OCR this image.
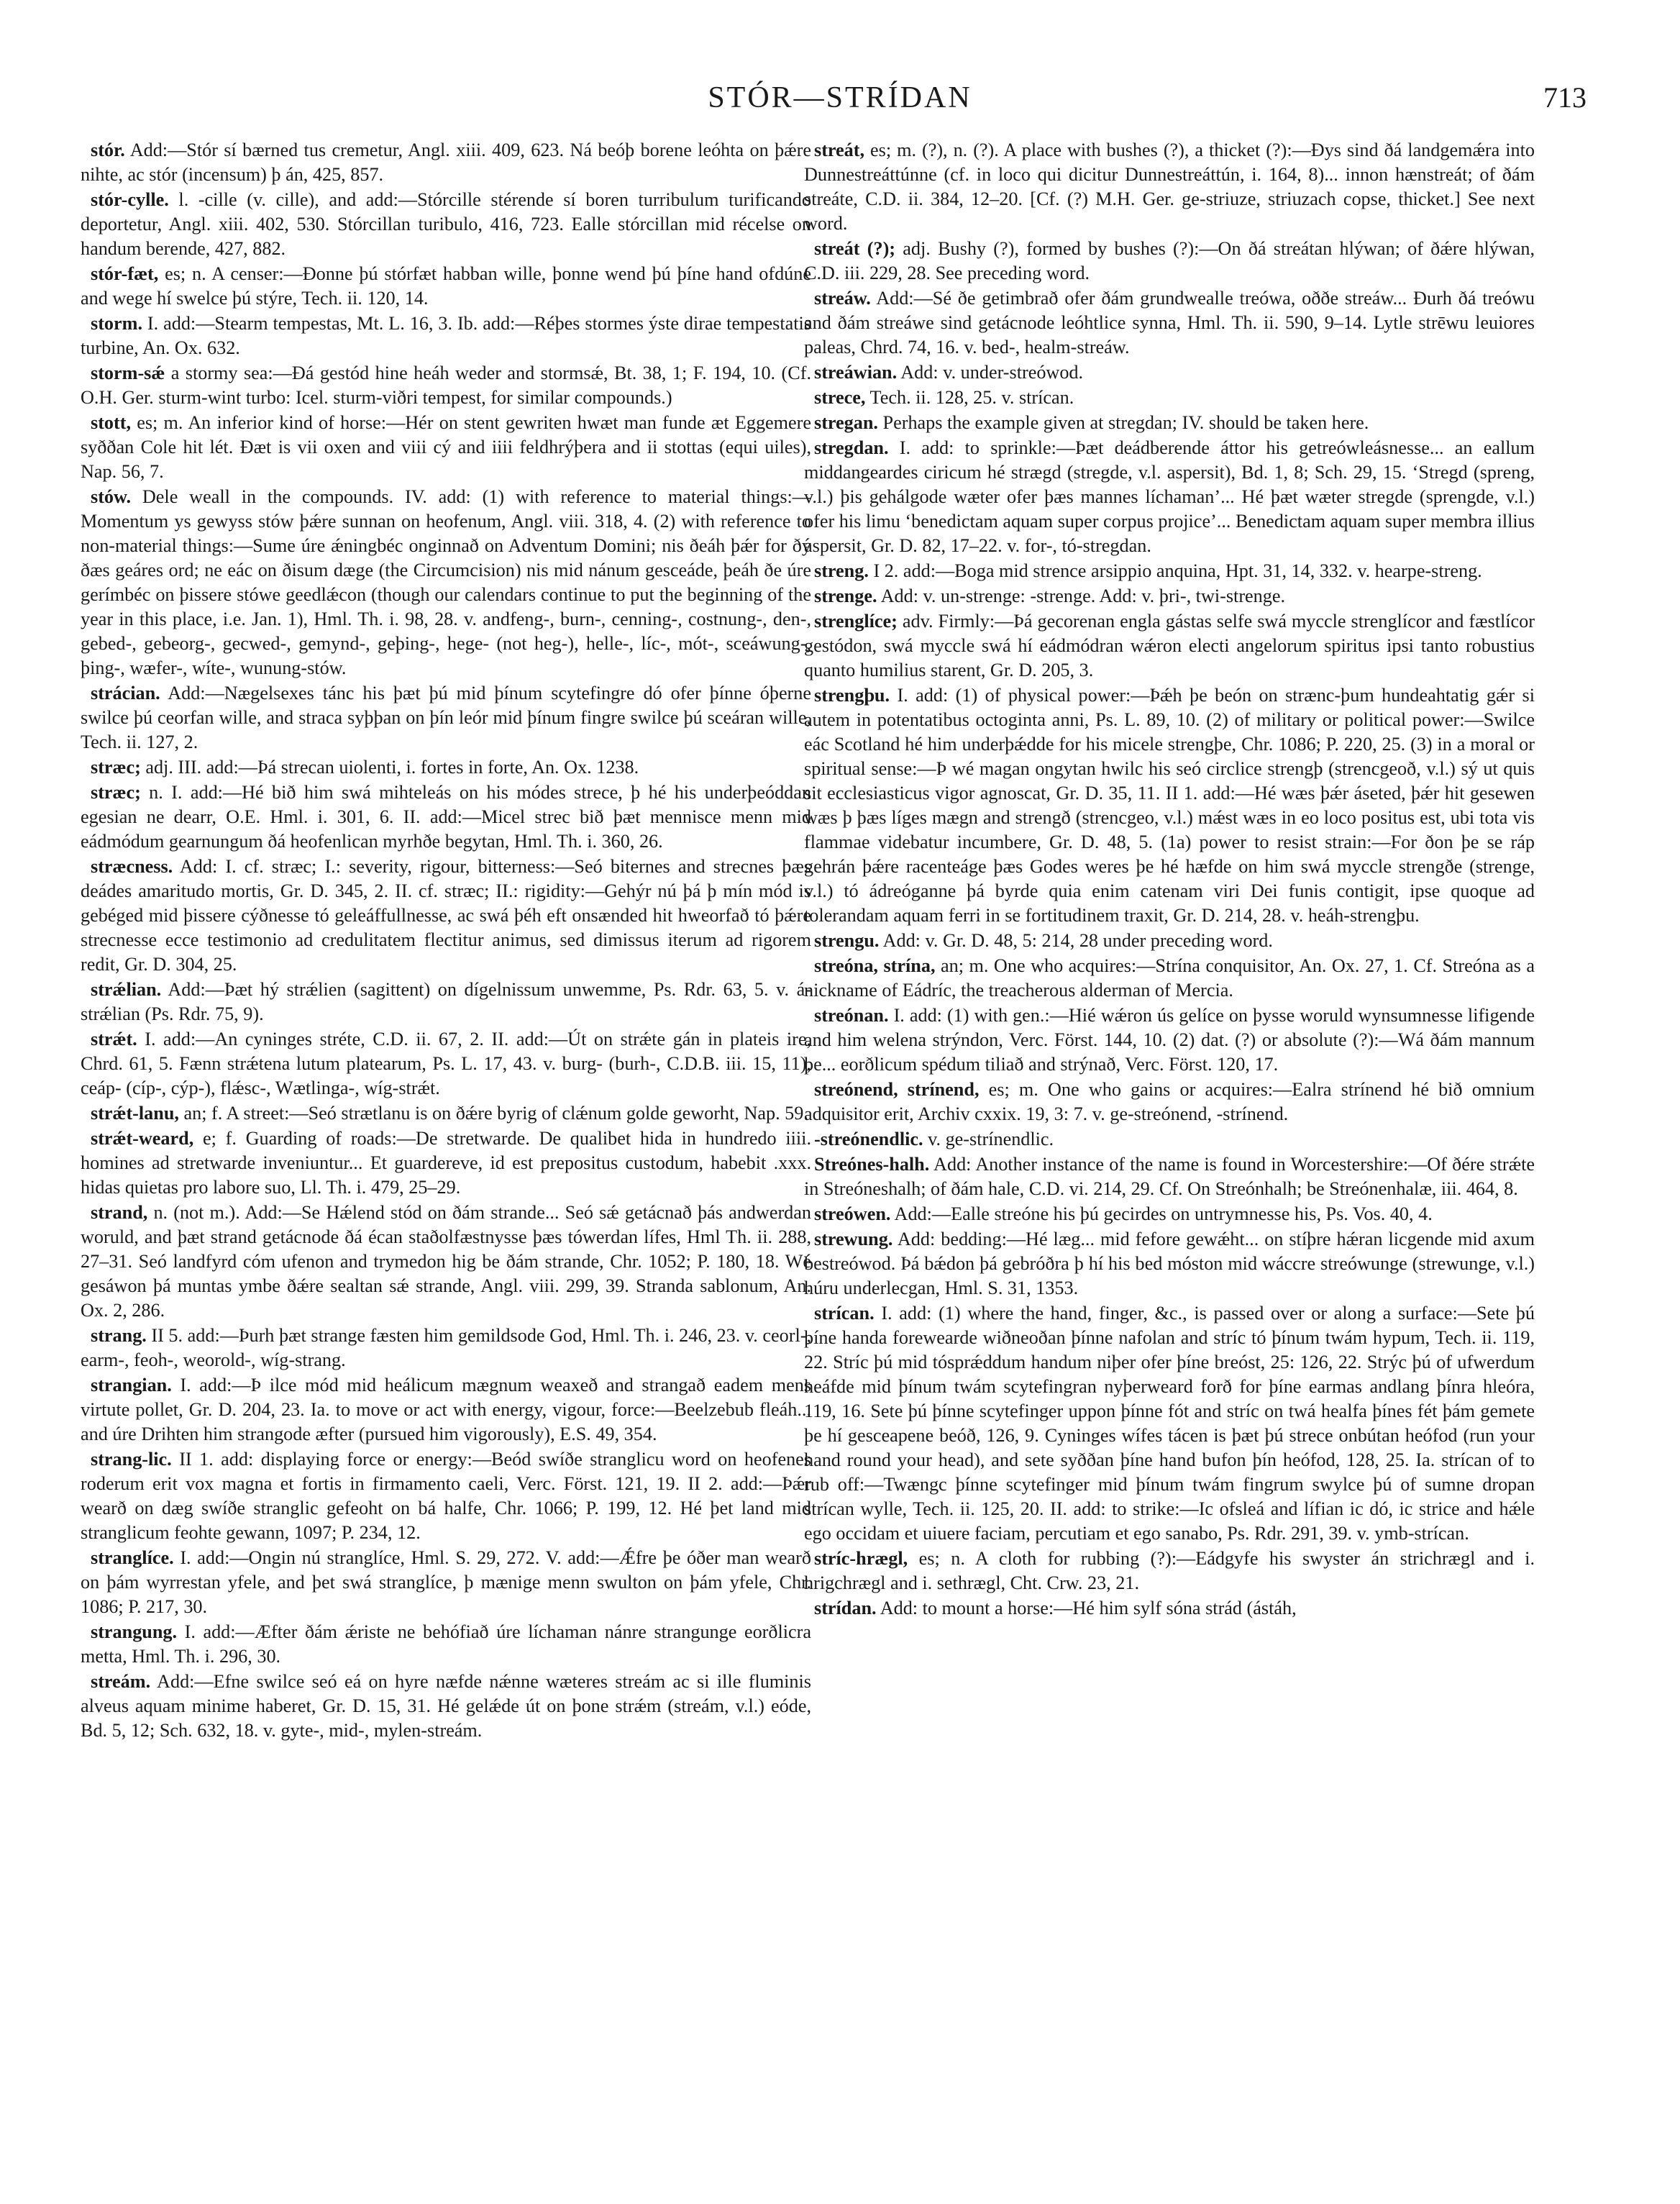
STÓR—STRÍDAN	713

stór. Add:—Stór sí bærned tus cremetur, Angl. xiii. 409, 623. Ná beóþ borene leóhta on þǽre nihte, ac stór (incensum) þ án, 425, 857.

stór-cylle. l. -cille (v. cille), and add:—Stórcille stérende sí boren turribulum turificando deportetur, Angl. xiii. 402, 530. Stórcillan turibulo, 416, 723. Ealle stórcillan mid récelse on handum berende, 427, 882.

stór-fæt, es; n. A censer:—Đonne þú stórfæt habban wille, þonne wend þú þíne hand ofdúne and wege hí swelce þú stýre, Tech. ii. 120, 14.

storm. I. add:—Stearm tempestas, Mt. L. 16, 3. Ib. add:—Réþes stormes ýste dirae tempestatis turbine, An. Ox. 632.

storm-sǽ a stormy sea:—Đá gestód hine heáh weder and stormsǽ, Bt. 38, 1; F. 194, 10. (Cf. O.H. Ger. sturm-wint turbo: Icel. sturm-viðri tempest, for similar compounds.)

stott, es; m. An inferior kind of horse:—Hér on stent gewriten hwæt man funde æt Eggemere syððan Cole hit lét. Đæt is vii oxen and viii cý and iiii feldhrýþera and ii stottas (equi uiles), Nap. 56, 7.

stów. Dele weall in the compounds. IV. add: (1) with reference to material things:—Momentum ys gewyss stów þǽre sunnan on heofenum, Angl. viii. 318, 4. (2) with reference to non-material things:—Sume úre ǽningbéc onginnað on Adventum Domini; nis ðeáh þǽr for ðý ðæs geáres ord; ne eác on ðisum dæge (the Circumcision) nis mid nánum gesceáde, þeáh ðe úre gerímbéc on þissere stówe geedlǽcon (though our calendars continue to put the beginning of the year in this place, i.e. Jan. 1), Hml. Th. i. 98, 28. v. andfeng-, burn-, cenning-, costnung-, den-, gebed-, gebeorg-, gecwed-, gemynd-, geþing-, hege- (not heg-), helle-, líc-, mót-, sceáwung-, þing-, wæfer-, wíte-, wunung-stów.

strácian. Add:—Nægelsexes tánc his þæt þú mid þínum scytefingre dó ofer þínne óþerne swilce þú ceorfan wille, and straca syþþan on þín leór mid þínum fingre swilce þú sceáran wille, Tech. ii. 127, 2.

stræc; adj. III. add:—Þá strecan uiolenti, i. fortes in forte, An. Ox. 1238.

stræc; n. I. add:—Hé bið him swá mihteleás on his módes strece, þ hé his underþeóddan egesian ne dearr, O.E. Hml. i. 301, 6. II. add:—Micel strec bið þæt mennisce menn mid eádmódum gearnungum ðá heofenlican myrhðe begytan, Hml. Th. i. 360, 26.

stræcness. Add: I. cf. stræc; I.: severity, rigour, bitterness:—Seó biternes and strecnes þæs deádes amaritudo mortis, Gr. D. 345, 2. II. cf. stræc; II.: rigidity:—Gehýr nú þá þ mín mód is gebéged mid þissere cýðnesse tó geleáffullnesse, ac swá þéh eft onsænded hit hweorfað tó þǽre strecnesse ecce testimonio ad credulitatem flectitur animus, sed dimissus iterum ad rigorem redit, Gr. D. 304, 25.

strǽlian. Add:—Þæt hý strǽlien (sagittent) on dígelnissum unwemme, Ps. Rdr. 63, 5. v. á-strǽlian (Ps. Rdr. 75, 9).

strǽt. I. add:—An cyninges stréte, C.D. ii. 67, 2. II. add:—Út on strǽte gán in plateis ire, Chrd. 61, 5. Fænn strǽtena lutum platearum, Ps. L. 17, 43. v. burg- (burh-, C.D.B. iii. 15, 11), ceáp- (cíp-, cýp-), flǽsc-, Wætlinga-, wíg-strǽt.

strǽt-lanu, an; f. A street:—Seó strætlanu is on ðǽre byrig of clǽnum golde geworht, Nap. 59.

strǽt-weard, e; f. Guarding of roads:—De stretwarde. De qualibet hida in hundredo iiii. homines ad stretwarde inveniuntur... Et guardereve, id est prepositus custodum, habebit .xxx. hidas quietas pro labore suo, Ll. Th. i. 479, 25–29.

strand, n. (not m.). Add:—Se Hǽlend stód on ðám strande... Seó sǽ getácnað þás andwerdan woruld, and þæt strand getácnode ðá écan staðolfæstnysse þæs tówerdan lífes, Hml Th. ii. 288, 27–31. Seó landfyrd cóm ufenon and trymedon hig be ðám strande, Chr. 1052; P. 180, 18. Wé gesáwon þá muntas ymbe ðǽre sealtan sǽ strande, Angl. viii. 299, 39. Stranda sablonum, An. Ox. 2, 286.

strang. II 5. add:—Þurh þæt strange fæsten him gemildsode God, Hml. Th. i. 246, 23. v. ceorl-, earm-, feoh-, weorold-, wíg-strang.

strangian. I. add:—Þ ilce mód mid heálicum mægnum weaxeð and strangað eadem mens virtute pollet, Gr. D. 204, 23. Ia. to move or act with energy, vigour, force:—Beelzebub fleáh... and úre Drihten him strangode æfter (pursued him vigorously), E.S. 49, 354.

strang-lic. II 1. add: displaying force or energy:—Beód swíðe stranglicu word on heofenes roderum erit vox magna et fortis in firmamento caeli, Verc. Först. 121, 19. II 2. add:—Þǽr wearð on dæg swíðe stranglic gefeoht on bá halfe, Chr. 1066; P. 199, 12. Hé þet land mid stranglicum feohte gewann, 1097; P. 234, 12.

stranglíce. I. add:—Ongin nú stranglíce, Hml. S. 29, 272. V. add:—Ǽfre þe óðer man wearð on þám wyrrestan yfele, and þet swá stranglíce, þ mænige menn swulton on þám yfele, Chr. 1086; P. 217, 30.

strangung. I. add:—Æfter ðám ǽriste ne behófiað úre líchaman nánre strangunge eorðlicra metta, Hml. Th. i. 296, 30.

streám. Add:—Efne swilce seó eá on hyre næfde nǽnne wæteres streám ac si ille fluminis alveus aquam minime haberet, Gr. D. 15, 31. Hé gelǽde út on þone strǽm (streám, v.l.) eóde, Bd. 5, 12; Sch. 632, 18. v. gyte-, mid-, mylen-streám.

streát, es; m. (?), n. (?). A place with bushes (?), a thicket (?):—Đys sind ðá landgemǽra into Dunnestreáttúnne (cf. in loco qui dicitur Dunnestreáttún, i. 164, 8)... innon hænstreát; of ðám streáte, C.D. ii. 384, 12–20. [Cf. (?) M.H. Ger. ge-striuze, striuzach copse, thicket.] See next word.

streát (?); adj. Bushy (?), formed by bushes (?):—On ðá streátan hlýwan; of ðǽre hlýwan, C.D. iii. 229, 28. See preceding word.

streáw. Add:—Sé ðe getimbrað ofer ðám grundwealle treówa, oððe streáw... Đurh ðá treówu and ðám streáwe sind getácnode leóhtlice synna, Hml. Th. ii. 590, 9–14. Lytle strēwu leuiores paleas, Chrd. 74, 16. v. bed-, healm-streáw.

streáwian. Add: v. under-streówod.

strece, Tech. ii. 128, 25. v. strícan.

stregan. Perhaps the example given at stregdan; IV. should be taken here.

stregdan. I. add: to sprinkle:—Þæt deádberende áttor his getreówleásnesse... an eallum middangeardes ciricum hé strægd (stregde, v.l. aspersit), Bd. 1, 8; Sch. 29, 15. ‘Stregd (spreng, v.l.) þis gehálgode wæter ofer þæs mannes líchaman’... Hé þæt wæter stregde (sprengde, v.l.) ofer his limu ‘benedictam aquam super corpus projice’... Benedictam aquam super membra illius aspersit, Gr. D. 82, 17–22. v. for-, tó-stregdan.

streng. I 2. add:—Boga mid strence arsippio anquina, Hpt. 31, 14, 332. v. hearpe-streng.

strenge. Add: v. un-strenge: -strenge. Add: v. þri-, twi-strenge.

strenglíce; adv. Firmly:—Þá gecorenan engla gástas selfe swá myccle strenglícor and fæstlícor gestódon, swá myccle swá hí eádmódran wǽron electi angelorum spiritus ipsi tanto robustius quanto humilius starent, Gr. D. 205, 3.

strengþu. I. add: (1) of physical power:—Þǽh þe beón on strænc-þum hundeahtatig gǽr si autem in potentatibus octoginta anni, Ps. L. 89, 10. (2) of military or political power:—Swilce eác Scotland hé him underþǽdde for his micele strengþe, Chr. 1086; P. 220, 25. (3) in a moral or spiritual sense:—Þ wé magan ongytan hwilc his seó circlice strengþ (strencgeoð, v.l.) sý ut quis sit ecclesiasticus vigor agnoscat, Gr. D. 35, 11. II 1. add:—Hé wæs þǽr áseted, þǽr hit gesewen wæs þ þæs líges mægn and strengð (strencgeo, v.l.) mǽst wæs in eo loco positus est, ubi tota vis flammae videbatur incumbere, Gr. D. 48, 5. (1a) power to resist strain:—For ðon þe se ráp gehrán þǽre racenteáge þæs Godes weres þe hé hæfde on him swá myccle strengðe (strenge, v.l.) tó ádreóganne þá byrde quia enim catenam viri Dei funis contigit, ipse quoque ad tolerandam aquam ferri in se fortitudinem traxit, Gr. D. 214, 28. v. heáh-strengþu.

strengu. Add: v. Gr. D. 48, 5: 214, 28 under preceding word.

streóna, strína, an; m. One who acquires:—Strína conquisitor, An. Ox. 27, 1. Cf. Streóna as a nickname of Eádríc, the treacherous alderman of Mercia.

streónan. I. add: (1) with gen.:—Hié wǽron ús gelíce on þysse woruld wynsumnesse lifigende and him welena strýndon, Verc. Först. 144, 10. (2) dat. (?) or absolute (?):—Wá ðám mannum þe... eorðlicum spédum tiliað and strýnað, Verc. Först. 120, 17.

streónend, strínend, es; m. One who gains or acquires:—Ealra strínend hé bið omnium adquisitor erit, Archiv cxxix. 19, 3: 7. v. ge-streónend, -strínend.

-streónendlic. v. ge-strínendlic.

Streónes-halh. Add: Another instance of the name is found in Worcestershire:—Of ðére strǽte in Streóneshalh; of ðám hale, C.D. vi. 214, 29. Cf. On Streónhalh; be Streónenhalæ, iii. 464, 8.

streówen. Add:—Ealle streóne his þú gecirdes on untrymnesse his, Ps. Vos. 40, 4.

strewung. Add: bedding:—Hé læg... mid fefore gewǽht... on stíþre hǽran licgende mid axum bestreówod. Þá bǽdon þá gebróðra þ hí his bed móston mid wáccre streówunge (strewunge, v.l.) húru underlecgan, Hml. S. 31, 1353.

strícan. I. add: (1) where the hand, finger, &c., is passed over or along a surface:—Sete þú þíne handa forewearde wiðneoðan þínne nafolan and stríc tó þínum twám hypum, Tech. ii. 119, 22. Stríc þú mid tósprǽddum handum niþer ofer þíne breóst, 25: 126, 22. Strýc þú of ufwerdum heáfde mid þínum twám scytefingran nyþerweard forð for þíne earmas andlang þínra hleóra, 119, 16. Sete þú þínne scytefinger uppon þínne fót and stríc on twá healfa þínes fét þám gemete þe hí gesceapene beóð, 126, 9. Cyninges wífes tácen is þæt þú strece onbútan heófod (run your hand round your head), and sete syððan þíne hand bufon þín heófod, 128, 25. Ia. strícan of to rub off:—Twængc þínne scytefinger mid þínum twám fingrum swylce þú of sumne dropan strícan wylle, Tech. ii. 125, 20. II. add: to strike:—Ic ofsleá and lífian ic dó, ic strice and hǽle ego occidam et uiuere faciam, percutiam et ego sanabo, Ps. Rdr. 291, 39. v. ymb-strícan.

stríc-hrægl, es; n. A cloth for rubbing (?):—Eádgyfe his swyster án strichrægl and i. hrigchrægl and i. sethrægl, Cht. Crw. 23, 21.

strídan. Add: to mount a horse:—Hé him sylf sóna strád (ástáh,
